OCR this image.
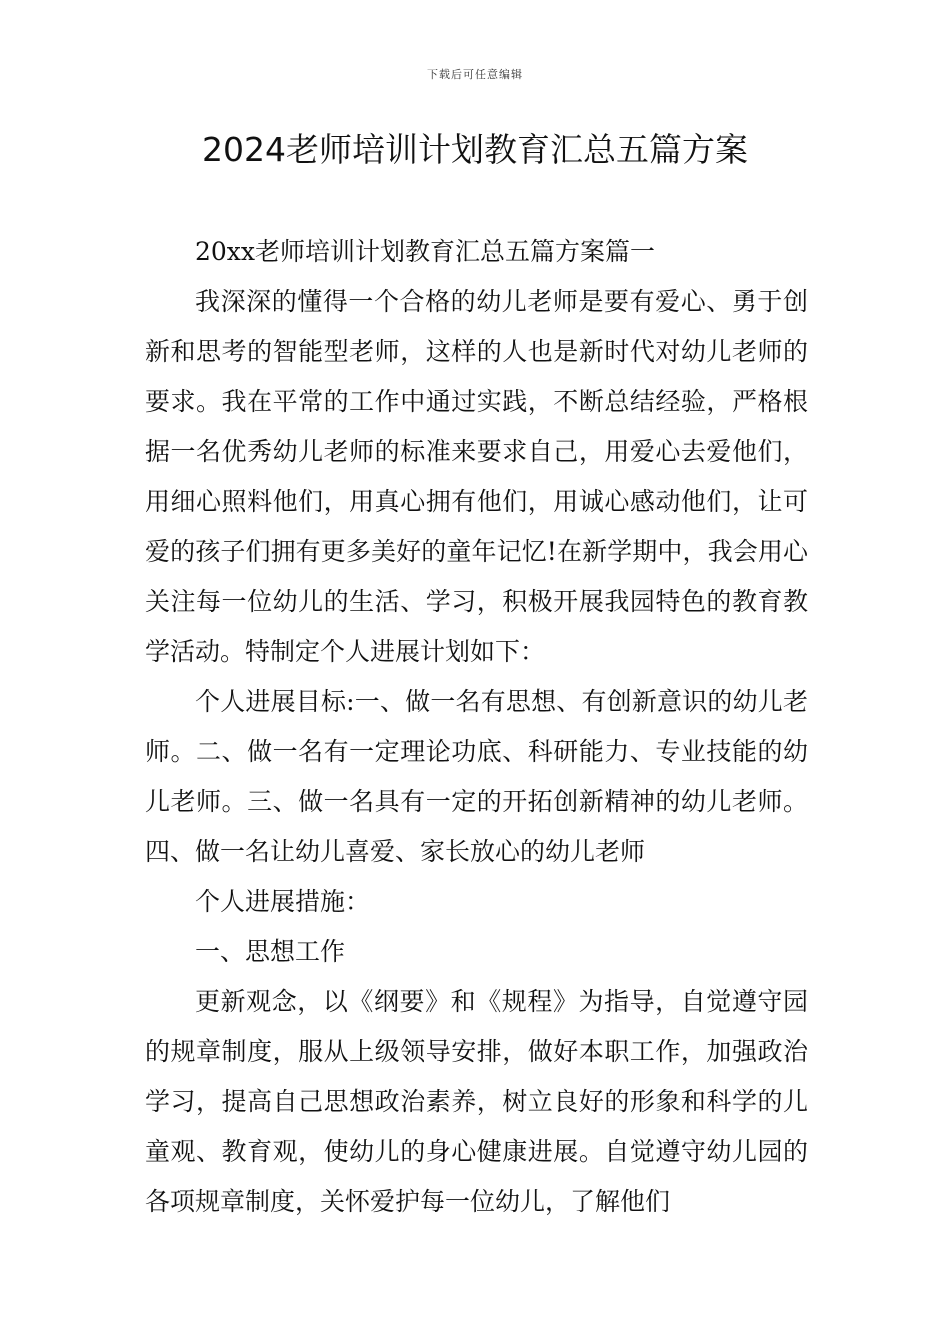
下载后可任意编辑
2024老师培训计划教育汇总五篇方案

20xx老师培训计划教育汇总五篇方案篇一

我深深的懂得一个合格的幼儿老师是要有爱心、勇于创新和思考的智能型老师，这样的人也是新时代对幼儿老师的要求。我在平常的工作中通过实践，不断总结经验，严格根据一名优秀幼儿老师的标准来要求自己，用爱心去爱他们，用细心照料他们，用真心拥有他们，用诚心感动他们，让可爱的孩子们拥有更多美好的童年记忆!在新学期中，我会用心关注每一位幼儿的生活、学习，积极开展我园特色的教育教学活动。特制定个人进展计划如下：

个人进展目标:一、做一名有思想、有创新意识的幼儿老师。二、做一名有一定理论功底、科研能力、专业技能的幼儿老师。三、做一名具有一定的开拓创新精神的幼儿老师。四、做一名让幼儿喜爱、家长放心的幼儿老师

个人进展措施：

一、思想工作

更新观念，以《纲要》和《规程》为指导，自觉遵守园的规章制度，服从上级领导安排，做好本职工作，加强政治学习，提高自己思想政治素养，树立良好的形象和科学的儿童观、教育观，使幼儿的身心健康进展。自觉遵守幼儿园的各项规章制度，关怀爱护每一位幼儿，了解他们
